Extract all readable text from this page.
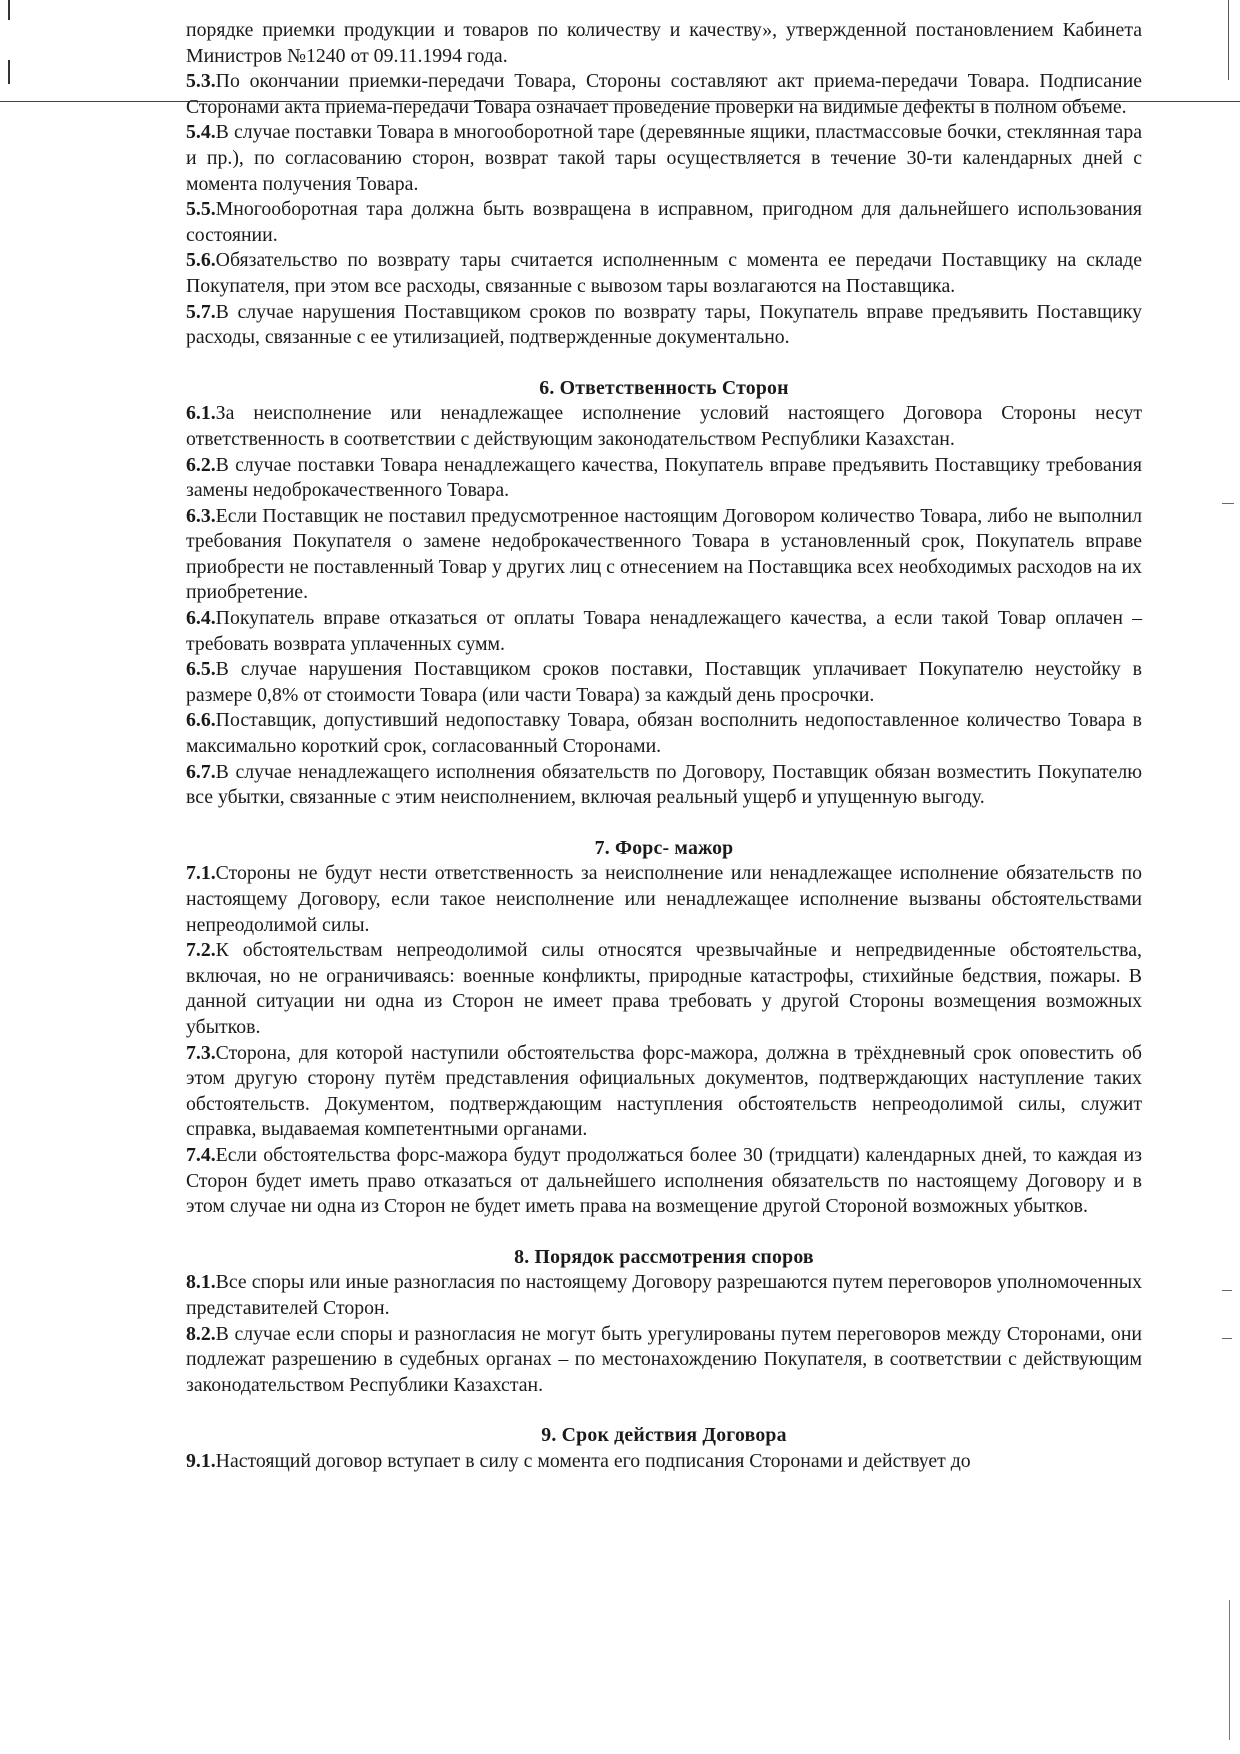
порядке приемки продукции и товаров по количеству и качеству», утвержденной постановлением Кабинета Министров №1240 от 09.11.1994 года.

5.3.По окончании приемки-передачи Товара, Стороны составляют акт приема-передачи Товара. Подписание Сторонами акта приема-передачи Товара означает проведение проверки на видимые дефекты в полном объеме.

5.4.В случае поставки Товара в многооборотной таре (деревянные ящики, пластмассовые бочки, стеклянная тара и пр.), по согласованию сторон, возврат такой тары осуществляется в течение 30-ти календарных дней с момента получения Товара.

5.5.Многооборотная тара должна быть возвращена в исправном, пригодном для дальнейшего использования состоянии.

5.6.Обязательство по возврату тары считается исполненным с момента ее передачи Поставщику на складе Покупателя, при этом все расходы, связанные с вывозом тары возлагаются на Поставщика.

5.7.В случае нарушения Поставщиком сроков по возврату тары, Покупатель вправе предъявить Поставщику расходы, связанные с ее утилизацией, подтвержденные документально.

6. Ответственность Сторон

6.1.За неисполнение или ненадлежащее исполнение условий настоящего Договора Стороны несут ответственность в соответствии с действующим законодательством Республики Казахстан.

6.2.В случае поставки Товара ненадлежащего качества, Покупатель вправе предъявить Поставщику требования замены недоброкачественного Товара.

6.3.Если Поставщик не поставил предусмотренное настоящим Договором количество Товара, либо не выполнил требования Покупателя о замене недоброкачественного Товара в установленный срок, Покупатель вправе приобрести не поставленный Товар у других лиц с отнесением на Поставщика всех необходимых расходов на их приобретение.

6.4.Покупатель вправе отказаться от оплаты Товара ненадлежащего качества, а если такой Товар оплачен – требовать возврата уплаченных сумм.

6.5.В случае нарушения Поставщиком сроков поставки, Поставщик уплачивает Покупателю неустойку в размере 0,8% от стоимости Товара (или части Товара) за каждый день просрочки.

6.6.Поставщик, допустивший недопоставку Товара, обязан восполнить недопоставленное количество Товара в максимально короткий срок, согласованный Сторонами.

6.7.В случае ненадлежащего исполнения обязательств по Договору, Поставщик обязан возместить Покупателю все убытки, связанные с этим неисполнением, включая реальный ущерб и упущенную выгоду.

7. Форс- мажор

7.1.Стороны не будут нести ответственность за неисполнение или ненадлежащее исполнение обязательств по настоящему Договору, если такое неисполнение или ненадлежащее исполнение вызваны обстоятельствами непреодолимой силы.

7.2.К обстоятельствам непреодолимой силы относятся чрезвычайные и непредвиденные обстоятельства, включая, но не ограничиваясь: военные конфликты, природные катастрофы, стихийные бедствия, пожары. В данной ситуации ни одна из Сторон не имеет права требовать у другой Стороны возмещения возможных убытков.

7.3.Сторона, для которой наступили обстоятельства форс-мажора, должна в трёхдневный срок оповестить об этом другую сторону путём представления официальных документов, подтверждающих наступление таких обстоятельств. Документом, подтверждающим наступления обстоятельств непреодолимой силы, служит справка, выдаваемая компетентными органами.

7.4.Если обстоятельства форс-мажора будут продолжаться более 30 (тридцати) календарных дней, то каждая из Сторон будет иметь право отказаться от дальнейшего исполнения обязательств по настоящему Договору и в этом случае ни одна из Сторон не будет иметь права на возмещение другой Стороной возможных убытков.

8. Порядок рассмотрения споров

8.1.Все споры или иные разногласия по настоящему Договору разрешаются путем переговоров уполномоченных представителей Сторон.

8.2.В случае если споры и разногласия не могут быть урегулированы путем переговоров между Сторонами, они подлежат разрешению в судебных органах – по местонахождению Покупателя, в соответствии с действующим законодательством Республики Казахстан.

9. Срок действия Договора

9.1.Настоящий договор вступает в силу с момента его подписания Сторонами и действует до
